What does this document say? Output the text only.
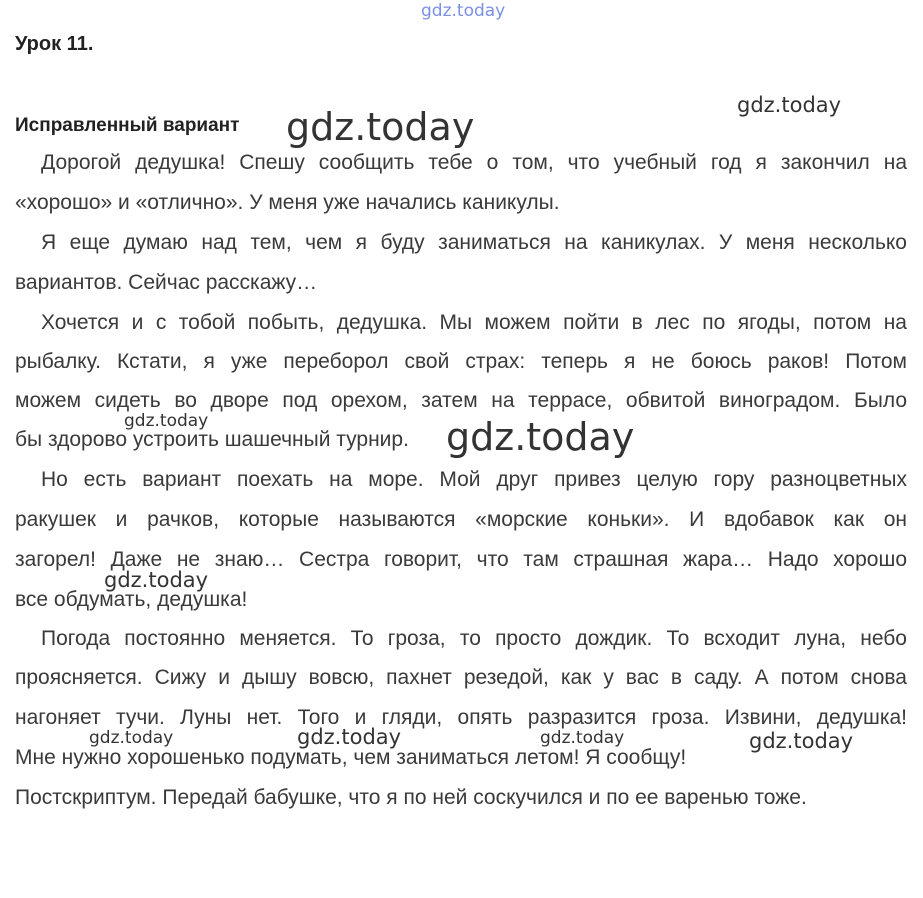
gdz.today
gdz.today	gdz.today
gdz.today
gdz.today
gdz.today
gdz.today	gdz.today	gdz.today	gdz.today
Урок 11.
Исправленный вариант
Дорогой дедушка! Спешу сообщить тебе о том, что учебный год я закончил на
«хорошо» и «отлично». У меня уже начались каникулы.
Я еще думаю над тем, чем я буду заниматься на каникулах. У меня несколько
вариантов. Сейчас расскажу…
Хочется и с тобой побыть, дедушка. Мы можем пойти в лес по ягоды, потом на
рыбалку. Кстати, я уже переборол свой страх: теперь я не боюсь раков! Потом
можем сидеть во дворе под орехом, затем на террасе, обвитой виноградом. Было
бы здорово устроить шашечный турнир.
Но есть вариант поехать на море. Мой друг привез целую гору разноцветных
ракушек и рачков, которые называются «морские коньки». И вдобавок как он
загорел! Даже не знаю… Сестра говорит, что там страшная жара… Надо хорошо
все обдумать, дедушка!
Погода постоянно меняется. То гроза, то просто дождик. То всходит луна, небо
проясняется. Сижу и дышу вовсю, пахнет резедой, как у вас в саду. А потом снова
нагоняет тучи. Луны нет. Того и гляди, опять разразится гроза. Извини, дедушка!
Мне нужно хорошенько подумать, чем заниматься летом! Я сообщу!
Постскриптум. Передай бабушке, что я по ней соскучился и по ее варенью тоже.
